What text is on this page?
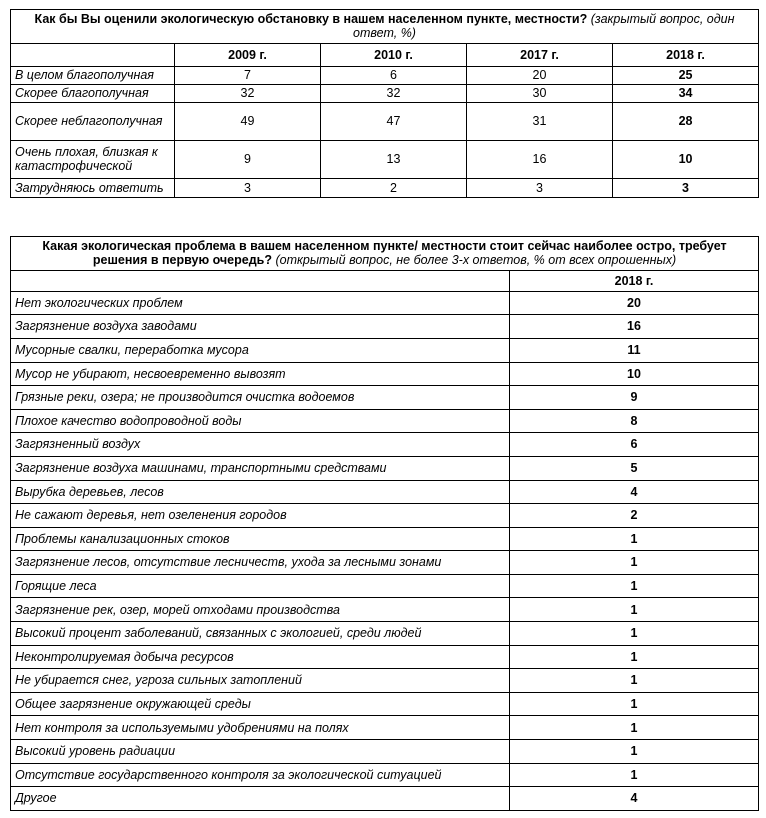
Как бы Вы оценили экологическую обстановку в нашем населенном пункте, местности? (закрытый вопрос, один ответ, %)				
	2009 г.	2010 г.	2017 г.	2018 г.
В целом благополучная	7	6	20	25
Скорее благополучная	32	32	30	34
Скорее неблагополучная	49	47	31	28
Очень плохая, близкая к катастрофической	9	13	16	10
Затрудняюсь ответить	3	2	3	3
Какая экологическая проблема в вашем населенном пункте/ местности стоит сейчас наиболее остро, требует решения в первую очередь? (открытый вопрос, не более 3-х ответов, % от всех опрошенных)	
	2018 г.
Нет экологических проблем	20
Загрязнение воздуха заводами	16
Мусорные свалки, переработка мусора	11
Мусор не убирают, несвоевременно вывозят	10
Грязные реки, озера; не производится очистка водоемов	9
Плохое качество водопроводной воды	8
Загрязненный воздух	6
Загрязнение воздуха машинами, транспортными средствами	5
Вырубка деревьев, лесов	4
Не сажают деревья, нет озеленения городов	2
Проблемы канализационных стоков	1
Загрязнение лесов, отсутствие лесничеств, ухода за лесными зонами	1
Горящие леса	1
Загрязнение рек, озер, морей отходами производства	1
Высокий процент заболеваний, связанных с экологией, среди людей	1
Неконтролируемая добыча ресурсов	1
Не убирается снег, угроза сильных затоплений	1
Общее загрязнение окружающей среды	1
Нет контроля за используемыми удобрениями на полях	1
Высокий уровень радиации	1
Отсутствие государственного контроля за экологической ситуацией	1
Другое	4
